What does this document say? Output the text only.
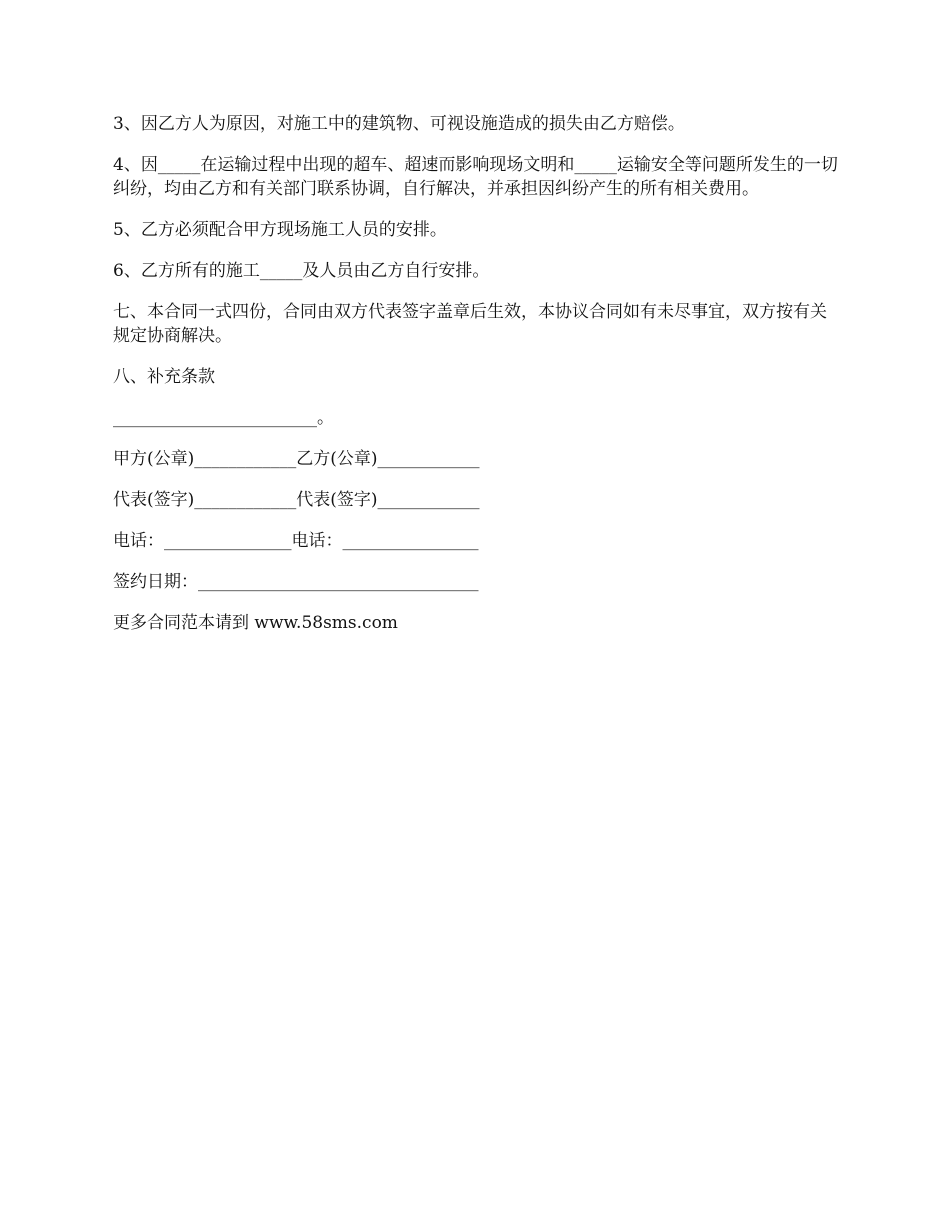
3、因乙方人为原因，对施工中的建筑物、可视设施造成的损失由乙方赔偿。

4、因_____在运输过程中出现的超车、超速而影响现场文明和_____运输安全等问题所发生的一切纠纷，均由乙方和有关部门联系协调，自行解决，并承担因纠纷产生的所有相关费用。

5、乙方必须配合甲方现场施工人员的安排。

6、乙方所有的施工_____及人员由乙方自行安排。

七、本合同一式四份，合同由双方代表签字盖章后生效，本协议合同如有未尽事宜，双方按有关规定协商解决。

八、补充条款

________________________。

甲方(公章)____________乙方(公章)____________

代表(签字)____________代表(签字)____________

电话：_______________电话：________________

签约日期：_________________________________

更多合同范本请到 www.58sms.com
